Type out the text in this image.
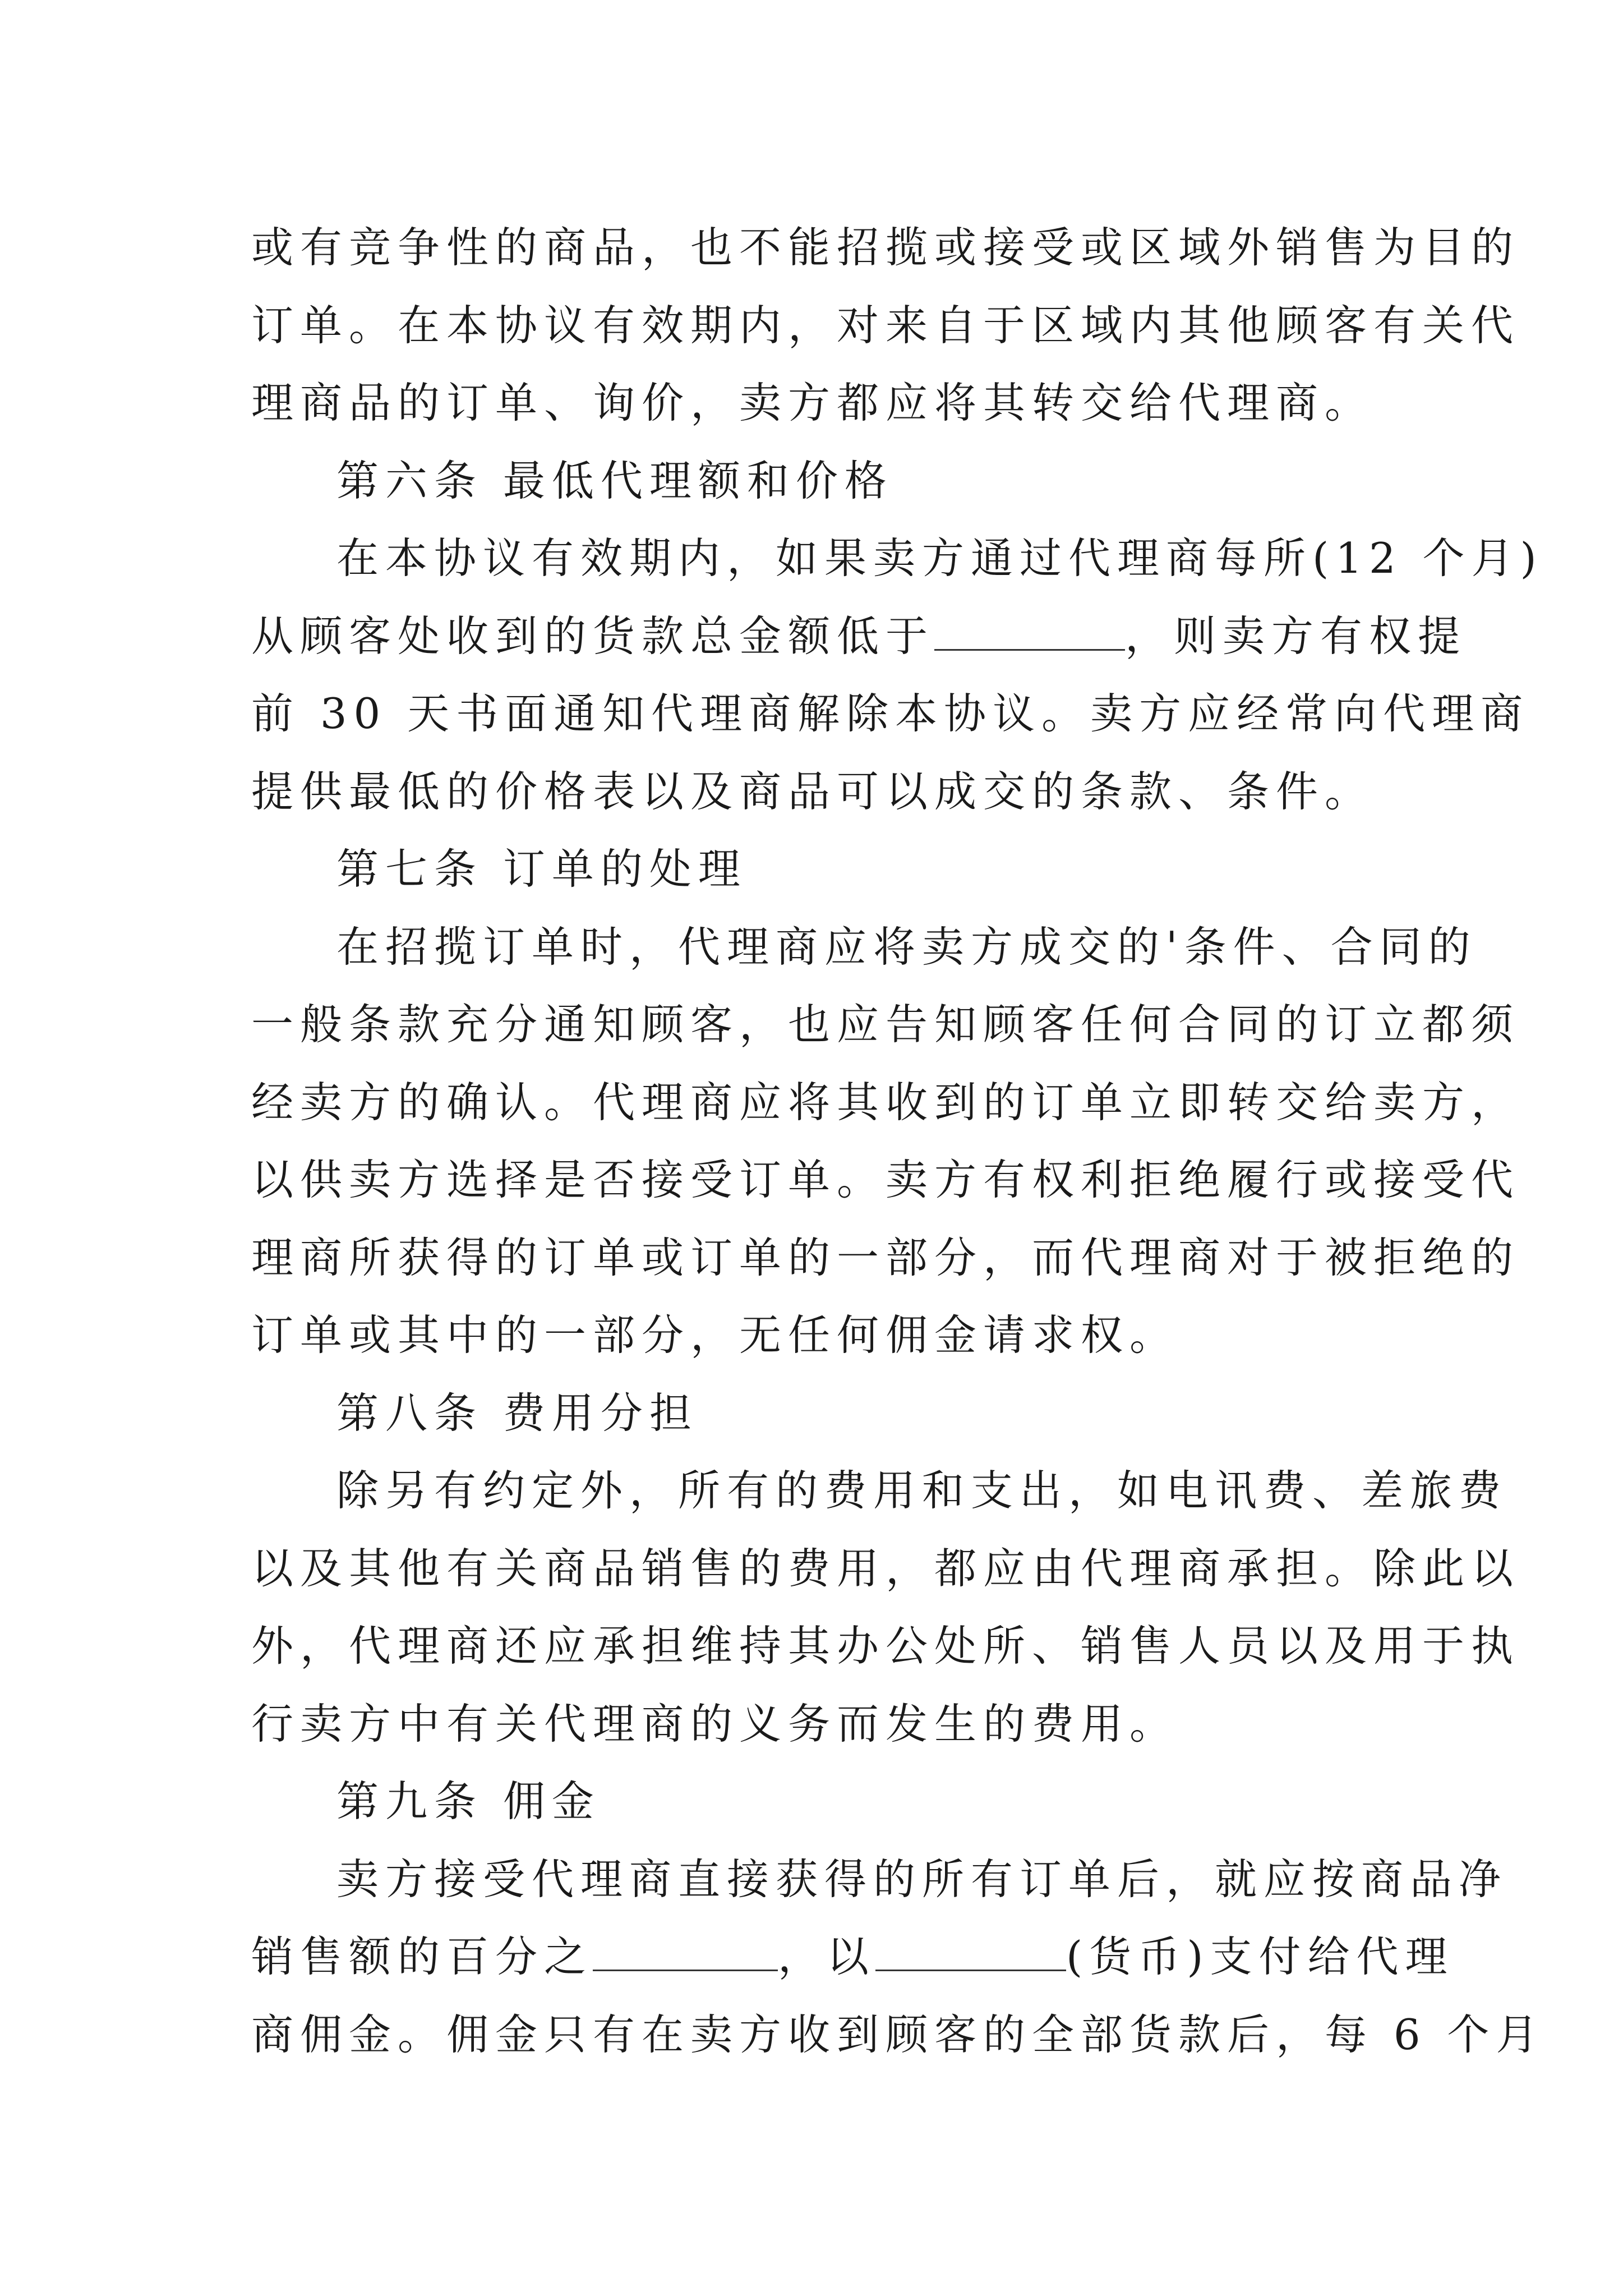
或有竞争性的商品，也不能招揽或接受或区域外销售为目的
订单。在本协议有效期内，对来自于区域内其他顾客有关代
理商品的订单、询价，卖方都应将其转交给代理商。
第六条 最低代理额和价格
在本协议有效期内，如果卖方通过代理商每所(12 个月)
从顾客处收到的货款总金额低于	，则卖方有权提
前 30 天书面通知代理商解除本协议。卖方应经常向代理商
提供最低的价格表以及商品可以成交的条款、条件。
第七条 订单的处理
在招揽订单时，代理商应将卖方成交的'条件、合同的
一般条款充分通知顾客，也应告知顾客任何合同的订立都须
经卖方的确认。代理商应将其收到的订单立即转交给卖方，
以供卖方选择是否接受订单。卖方有权利拒绝履行或接受代
理商所获得的订单或订单的一部分，而代理商对于被拒绝的
订单或其中的一部分，无任何佣金请求权。
第八条 费用分担
除另有约定外，所有的费用和支出，如电讯费、差旅费
以及其他有关商品销售的费用，都应由代理商承担。除此以
外，代理商还应承担维持其办公处所、销售人员以及用于执
行卖方中有关代理商的义务而发生的费用。
第九条 佣金
卖方接受代理商直接获得的所有订单后，就应按商品净
销售额的百分之	，以	(货币)支付给代理
商佣金。佣金只有在卖方收到顾客的全部货款后，每 6 个月
